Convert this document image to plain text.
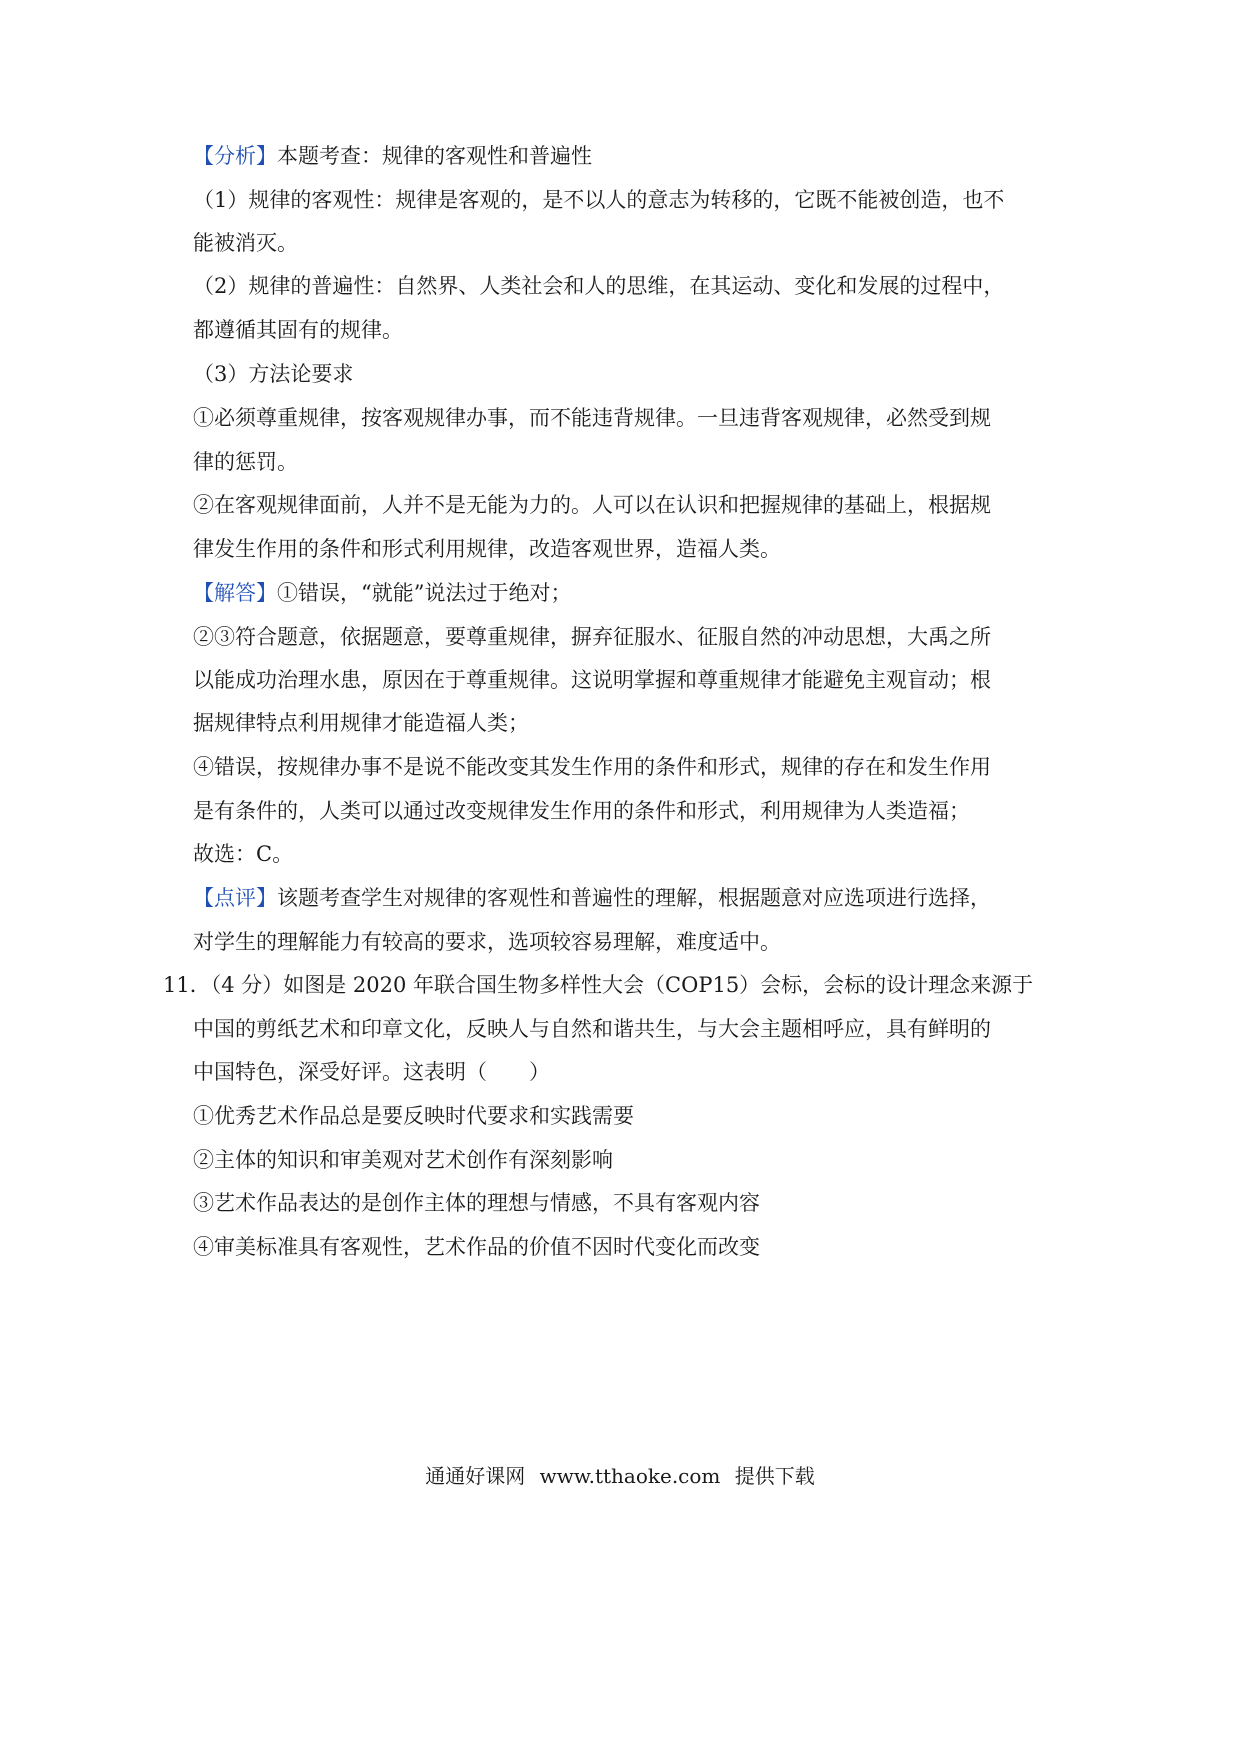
【分析】本题考查：规律的客观性和普遍性
（1）规律的客观性：规律是客观的，是不以人的意志为转移的，它既不能被创造，也不
能被消灭。
（2）规律的普遍性：自然界、人类社会和人的思维，在其运动、变化和发展的过程中，
都遵循其固有的规律。
（3）方法论要求
①必须尊重规律，按客观规律办事，而不能违背规律。一旦违背客观规律，必然受到规
律的惩罚。
②在客观规律面前，人并不是无能为力的。人可以在认识和把握规律的基础上，根据规
律发生作用的条件和形式利用规律，改造客观世界，造福人类。
【解答】①错误，“就能”说法过于绝对；
②③符合题意，依据题意，要尊重规律，摒弃征服水、征服自然的冲动思想，大禹之所
以能成功治理水患，原因在于尊重规律。这说明掌握和尊重规律才能避免主观盲动；根
据规律特点利用规律才能造福人类；
④错误，按规律办事不是说不能改变其发生作用的条件和形式，规律的存在和发生作用
是有条件的，人类可以通过改变规律发生作用的条件和形式，利用规律为人类造福；
故选：C。
【点评】该题考查学生对规律的客观性和普遍性的理解，根据题意对应选项进行选择，
对学生的理解能力有较高的要求，选项较容易理解，难度适中。
11．（4 分）如图是 2020 年联合国生物多样性大会（COP15）会标，会标的设计理念来源于
中国的剪纸艺术和印章文化，反映人与自然和谐共生，与大会主题相呼应，具有鲜明的
中国特色，深受好评。这表明（　　）
①优秀艺术作品总是要反映时代要求和实践需要
②主体的知识和审美观对艺术创作有深刻影响
③艺术作品表达的是创作主体的理想与情感，不具有客观内容
④审美标准具有客观性，艺术作品的价值不因时代变化而改变
通通好课网 www.tthaoke.com 提供下载
